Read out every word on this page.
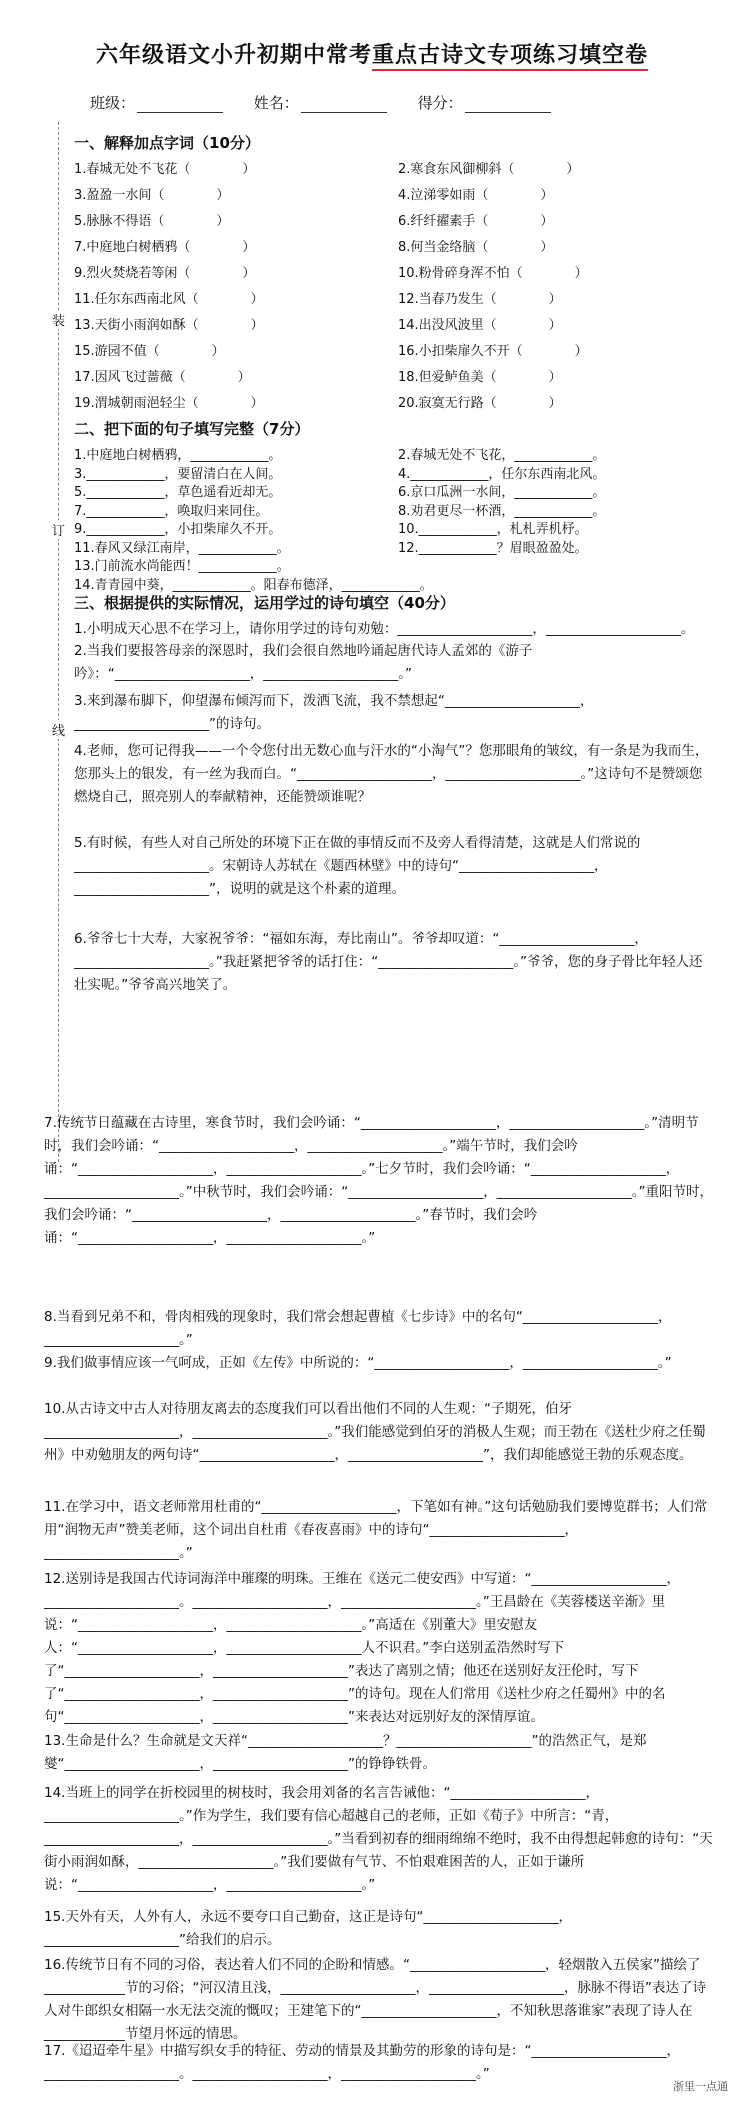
六年级语文小升初期中常考重点古诗文专项练习填空卷
班级：	姓名：	得分：
装
订
线
一、解释加点字词（10分）
1.春城无处不飞花（　　　　）	2.寒食东风御柳斜（　　　　）
3.盈盈一水间（　　　　）	4.泣涕零如雨（　　　　）
5.脉脉不得语（　　　　）	6.纤纤擢素手（　　　　）
7.中庭地白树栖鸦（　　　　）	8.何当金络脑（　　　　）
9.烈火焚烧若等闲（　　　　）	10.粉骨碎身浑不怕（　　　　）
11.任尔东西南北风（　　　　）	12.当春乃发生（　　　　）
13.天街小雨润如酥（　　　　）	14.出没风波里（　　　　）
15.游园不值（　　　　）	16.小扣柴扉久不开（　　　　）
17.因风飞过蔷薇（　　　　）	18.但爱鲈鱼美（　　　　）
19.渭城朝雨浥轻尘（　　　　）	20.寂寞无行路（　　　　）
二、把下面的句子填写完整（7分）
1.中庭地白树栖鸦，____________。	2.春城无处不飞花，____________。
3.____________，要留清白在人间。	4.____________，任尔东西南北风。
5.____________，草色遥看近却无。	6.京口瓜洲一水间，____________。
7.____________，唤取归来同住。	8.劝君更尽一杯酒，____________。
9.____________，小扣柴扉久不开。	10.____________，札札弄机杼。
11.春风又绿江南岸，____________。	12.____________？眉眼盈盈处。
13.门前流水尚能西！____________。
14.青青园中葵，____________。阳春布德泽，____________。
三、根据提供的实际情况，运用学过的诗句填空（40分）
1.小明成天心思不在学习上，请你用学过的诗句劝勉：____________________，____________________。
2.当我们要报答母亲的深恩时，我们会很自然地吟诵起唐代诗人孟郊的《游子吟》：“____________________，____________________。”
3.来到瀑布脚下，仰望瀑布倾泻而下，泼洒飞流，我不禁想起“____________________，____________________”的诗句。
4.老师，您可记得我——一个令您付出无数心血与汗水的“小淘气”？您那眼角的皱纹，有一条是为我而生，您那头上的银发，有一丝为我而白。“____________________，____________________。”这诗句不是赞颂您燃烧自己，照亮别人的奉献精神，还能赞颂谁呢？
5.有时候，有些人对自己所处的环境下正在做的事情反而不及旁人看得清楚，这就是人们常说的____________________。宋朝诗人苏轼在《题西林壁》中的诗句“____________________，____________________”，说明的就是这个朴素的道理。
6.爷爷七十大寿，大家祝爷爷：“福如东海，寿比南山”。爷爷却叹道：“____________________，____________________。”我赶紧把爷爷的话打住：“____________________。”爷爷，您的身子骨比年轻人还壮实呢。”爷爷高兴地笑了。
7.传统节日蕴藏在古诗里，寒食节时，我们会吟诵：“____________________，____________________。”清明节时，我们会吟诵：“____________________，____________________。”端午节时，我们会吟诵：“____________________，____________________。”七夕节时，我们会吟诵：“____________________，____________________。”中秋节时，我们会吟诵：“____________________，____________________。”重阳节时，我们会吟诵：“____________________，____________________。”春节时，我们会吟诵：“____________________，____________________。”
8.当看到兄弟不和，骨肉相残的现象时，我们常会想起曹植《七步诗》中的名句“____________________，____________________。”
9.我们做事情应该一气呵成，正如《左传》中所说的：“____________________，____________________。”
10.从古诗文中古人对待朋友离去的态度我们可以看出他们不同的人生观：“子期死，伯牙____________________，____________________。”我们能感觉到伯牙的消极人生观；而王勃在《送杜少府之任蜀州》中劝勉朋友的两句诗“____________________，____________________”，我们却能感觉王勃的乐观态度。
11.在学习中，语文老师常用杜甫的“____________________，下笔如有神。”这句话勉励我们要博览群书；人们常用“润物无声”赞美老师，这个词出自杜甫《春夜喜雨》中的诗句“____________________，____________________。”
12.送别诗是我国古代诗词海洋中璀璨的明珠。王维在《送元二使安西》中写道：“____________________，____________________。____________________，____________________。”王昌龄在《芙蓉楼送辛渐》里说：“____________________，____________________。”高适在《别董大》里安慰友人：“____________________，____________________人不识君。”李白送别孟浩然时写下了“____________________，____________________”表达了离别之情；他还在送别好友汪伦时，写下了“____________________，____________________”的诗句。现在人们常用《送杜少府之任蜀州》中的名句“____________________，____________________”来表达对远别好友的深情厚谊。
13.生命是什么？生命就是文天祥“____________________？____________________”的浩然正气，是郑燮“____________________，____________________”的铮铮铁骨。
14.当班上的同学在折校园里的树枝时，我会用刘备的名言告诫他：“____________________，____________________。”作为学生，我们要有信心超越自己的老师，正如《荀子》中所言：“青，____________________，____________________。”当看到初春的细雨绵绵不绝时，我不由得想起韩愈的诗句：“天街小雨润如酥，____________________。”我们要做有气节、不怕艰难困苦的人，正如于谦所说：“____________________，____________________。”
15.天外有天，人外有人，永远不要夸口自己勤奋，这正是诗句“____________________，____________________”给我们的启示。
16.传统节日有不同的习俗，表达着人们不同的企盼和情感。“____________________，轻烟散入五侯家”描绘了____________节的习俗；“河汉清且浅，____________________，____________________，脉脉不得语”表达了诗人对牛郎织女相隔一水无法交流的慨叹；王建笔下的“____________________，不知秋思落谁家”表现了诗人在____________节望月怀远的情思。
17.《迢迢牵牛星》中描写织女手的特征、劳动的情景及其勤劳的形象的诗句是：“____________________，____________________。____________________，____________________。”
浙里一点通
